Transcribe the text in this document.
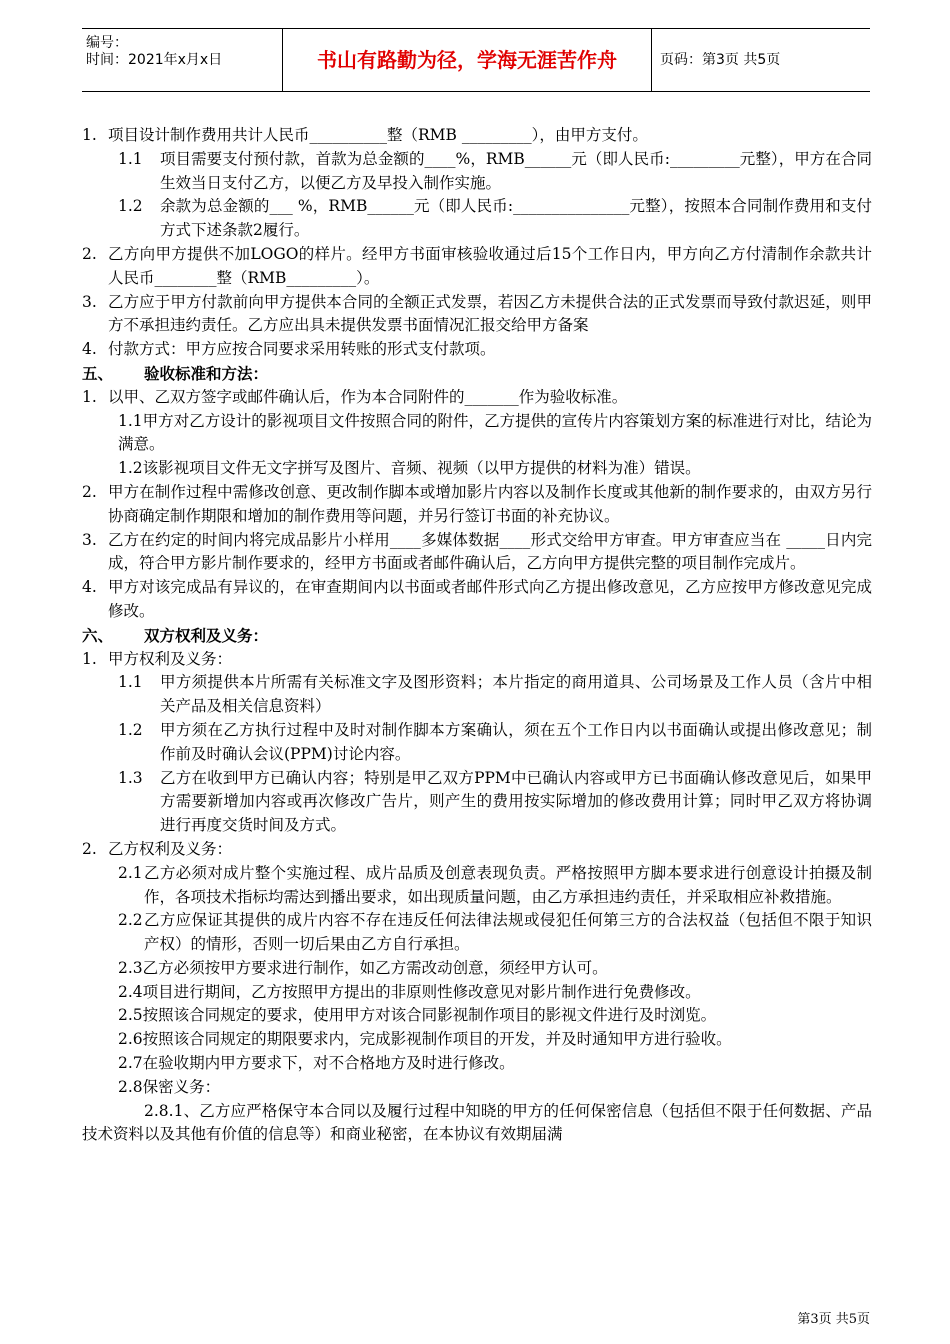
编号：
时间：2021年x月x日	书山有路勤为径，学海无涯苦作舟	页码：第3页 共5页

1. 项目设计制作费用共计人民币__________整（RMB _________），由甲方支付。

1.1 项目需要支付预付款，首款为总金额的____%，RMB______元（即人民币:_________元整），甲方在合同生效当日支付乙方，以便乙方及早投入制作实施。

1.2 余款为总金额的___ %，RMB______元（即人民币:_______________元整），按照本合同制作费用和支付方式下述条款2履行。

2. 乙方向甲方提供不加LOGO的样片。经甲方书面审核验收通过后15个工作日内，甲方向乙方付清制作余款共计人民币________整（RMB_________）。

3. 乙方应于甲方付款前向甲方提供本合同的全额正式发票，若因乙方未提供合法的正式发票而导致付款迟延，则甲方不承担违约责任。乙方应出具未提供发票书面情况汇报交给甲方备案

4. 付款方式：甲方应按合同要求采用转账的形式支付款项。

五、 验收标准和方法：

1. 以甲、乙双方签字或邮件确认后，作为本合同附件的_______作为验收标准。

1.1甲方对乙方设计的影视项目文件按照合同的附件，乙方提供的宣传片内容策划方案的标准进行对比，结论为满意。

1.2该影视项目文件无文字拼写及图片、音频、视频（以甲方提供的材料为准）错误。

2. 甲方在制作过程中需修改创意、更改制作脚本或增加影片内容以及制作长度或其他新的制作要求的，由双方另行协商确定制作期限和增加的制作费用等问题，并另行签订书面的补充协议。

3. 乙方在约定的时间内将完成品影片小样用____多媒体数据____形式交给甲方审查。甲方审查应当在 _____日内完成，符合甲方影片制作要求的，经甲方书面或者邮件确认后，乙方向甲方提供完整的项目制作完成片。

4. 甲方对该完成品有异议的，在审查期间内以书面或者邮件形式向乙方提出修改意见，乙方应按甲方修改意见完成修改。

六、 双方权利及义务：

1. 甲方权利及义务：

1.1 甲方须提供本片所需有关标准文字及图形资料；本片指定的商用道具、公司场景及工作人员（含片中相关产品及相关信息资料）

1.2 甲方须在乙方执行过程中及时对制作脚本方案确认，须在五个工作日内以书面确认或提出修改意见；制作前及时确认会议(PPM)讨论内容。

1.3 乙方在收到甲方已确认内容；特别是甲乙双方PPM中已确认内容或甲方已书面确认修改意见后，如果甲方需要新增加内容或再次修改广告片，则产生的费用按实际增加的修改费用计算；同时甲乙双方将协调进行再度交货时间及方式。

2. 乙方权利及义务：

2.1 乙方必须对成片整个实施过程、成片品质及创意表现负责。严格按照甲方脚本要求进行创意设计拍摄及制作，各项技术指标均需达到播出要求，如出现质量问题，由乙方承担违约责任，并采取相应补救措施。

2.2 乙方应保证其提供的成片内容不存在违反任何法律法规或侵犯任何第三方的合法权益（包括但不限于知识产权）的情形，否则一切后果由乙方自行承担。

2.3乙方必须按甲方要求进行制作，如乙方需改动创意，须经甲方认可。

2.4项目进行期间，乙方按照甲方提出的非原则性修改意见对影片制作进行免费修改。

2.5按照该合同规定的要求，使用甲方对该合同影视制作项目的影视文件进行及时浏览。

2.6按照该合同规定的期限要求内，完成影视制作项目的开发，并及时通知甲方进行验收。

2.7在验收期内甲方要求下，对不合格地方及时进行修改。

2.8保密义务：

2.8.1、乙方应严格保守本合同以及履行过程中知晓的甲方的任何保密信息（包括但不限于任何数据、产品技术资料以及其他有价值的信息等）和商业秘密，在本协议有效期届满

第3页 共5页
